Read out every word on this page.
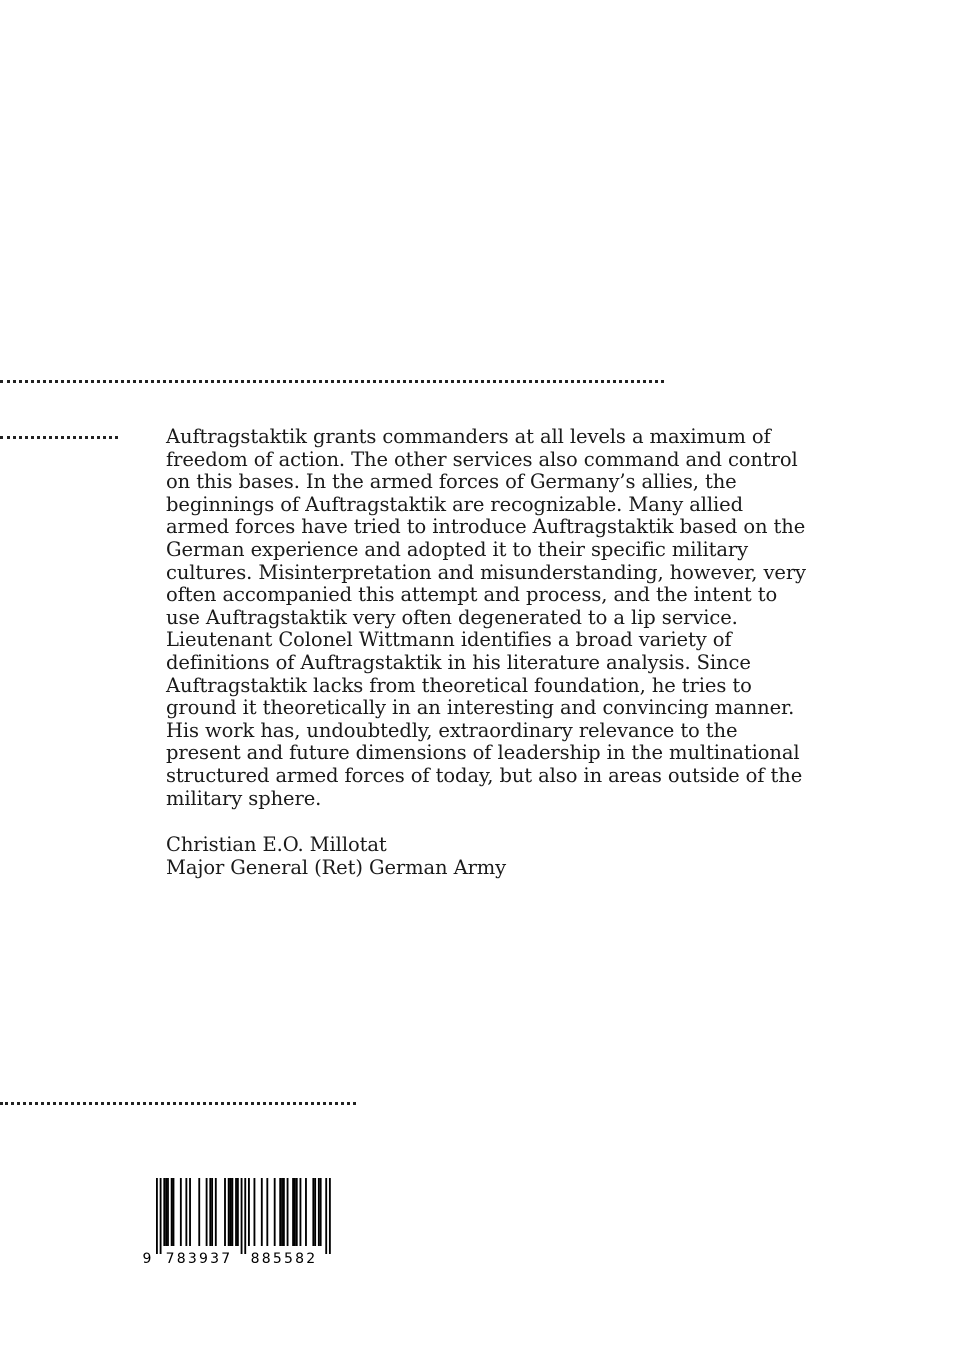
Auftragstaktik grants commanders at all levels a maximum of
freedom of action. The other services also command and control
on this bases. In the armed forces of Germany’s allies, the
beginnings of Auftragstaktik are recognizable. Many allied
armed forces have tried to introduce Auftragstaktik based on the
German experience and adopted it to their specific military
cultures. Misinterpretation and misunderstanding, however, very
often accompanied this attempt and process, and the intent to
use Auftragstaktik very often degenerated to a lip service.
Lieutenant Colonel Wittmann identifies a broad variety of
definitions of Auftragstaktik in his literature analysis. Since
Auftragstaktik lacks from theoretical foundation, he tries to
ground it theoretically in an interesting and convincing manner.
His work has, undoubtedly, extraordinary relevance to the
present and future dimensions of leadership in the multinational
structured armed forces of today, but also in areas outside of the
military sphere.
Christian E.O. Millotat
Major General (Ret) German Army
9 783937 885582
